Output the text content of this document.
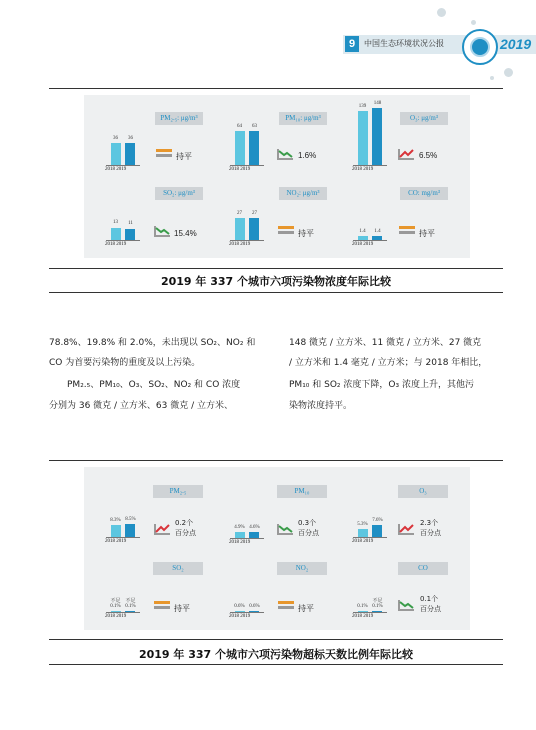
9	中国生态环境状况公报	2019
PM₂.₅: μg/m³
36	36
2018 2019
持平
PM₁₀: μg/m³
64	63
2018 2019
1.6%
O₃: μg/m³
139
148
2018 2019
6.5%
SO₂: μg/m³
13	11
2018 2019
15.4%
NO₂: μg/m³
27	27
2018 2019
持平
CO: mg/m³
1.4	1.4
2018 2019
持平
2019 年 337 个城市六项污染物浓度年际比较
78.8%、19.8% 和 2.0%，未出现以 SO₂、NO₂ 和
CO 为首要污染物的重度及以上污染。
PM₂.₅、PM₁₀、O₃、SO₂、NO₂ 和 CO 浓度
分别为 36 微克 / 立方米、63 微克 / 立方米、
148 微克 / 立方米、11 微克 / 立方米、27 微克
/ 立方米和 1.4 毫克 / 立方米；与 2018 年相比，
PM₁₀ 和 SO₂ 浓度下降，O₃ 浓度上升，其他污
染物浓度持平。
PM₂.₅
8.3% 8.5%
2018 2019
0.2个
百分点
PM₁₀
4.9% 4.6%
2018 2019
0.3个
百分点
O₃
5.3%
7.6%
2018 2019
2.3个
百分点
SO₂
不足 不足
0.1% 0.1%
2018 2019
持平
NO₂
0.6% 0.6%
2018 2019
持平
CO
不足
0.1% 0.1%
2018 2019
0.1个
百分点
2019 年 337 个城市六项污染物超标天数比例年际比较
